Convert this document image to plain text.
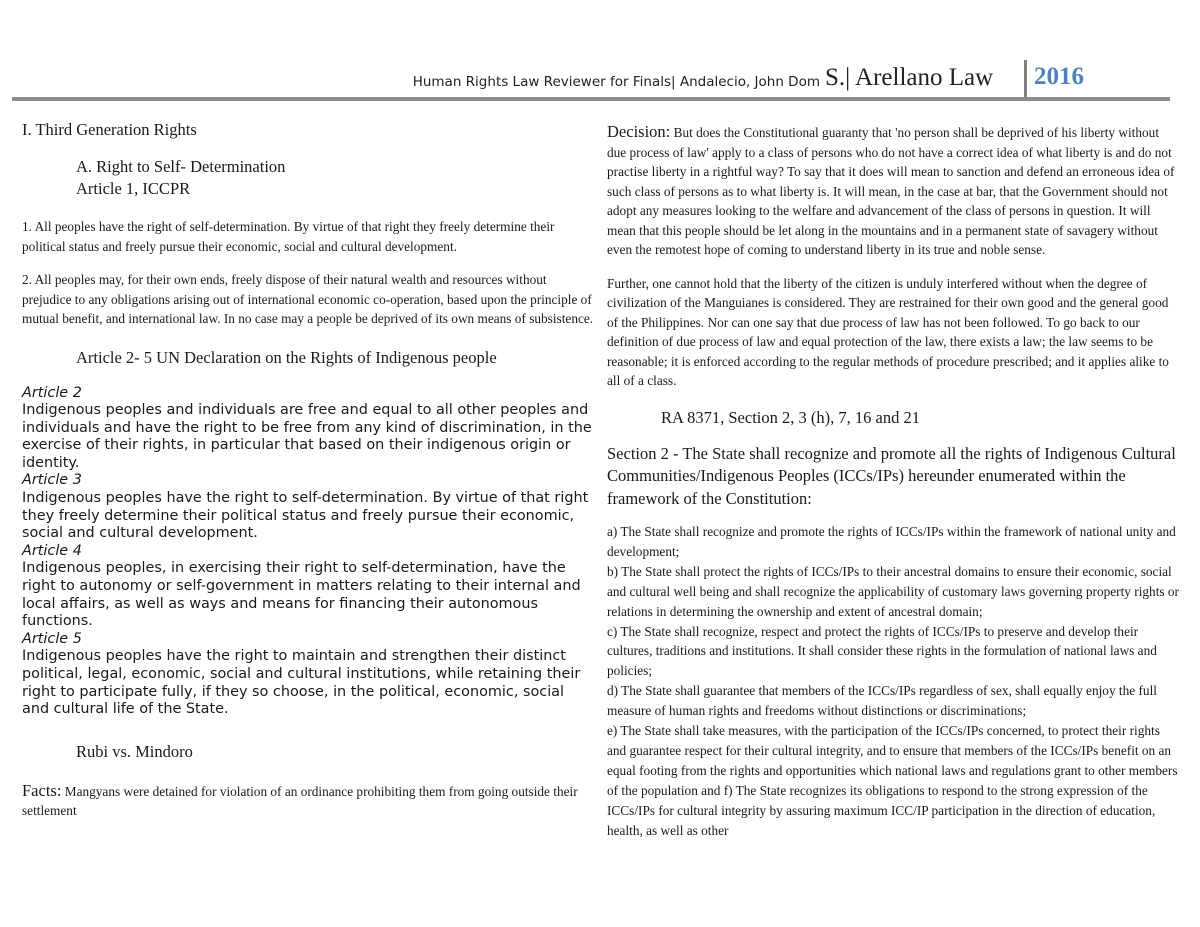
Human Rights Law Reviewer for Finals| Andalecio, John Dom S.| Arellano Law 2016

I. Third Generation Rights

A. Right to Self- Determination

Article 1, ICCPR

1. All peoples have the right of self-determination. By virtue of that right they freely determine their political status and freely pursue their economic, social and cultural development.

2. All peoples may, for their own ends, freely dispose of their natural wealth and resources without prejudice to any obligations arising out of international economic co-operation, based upon the principle of mutual benefit, and international law. In no case may a people be deprived of its own means of subsistence.

Article 2- 5 UN Declaration on the Rights of Indigenous people

Article 2

Indigenous peoples and individuals are free and equal to all other peoples and individuals and have the right to be free from any kind of discrimination, in the exercise of their rights, in particular that based on their indigenous origin or identity.

Article 3

Indigenous peoples have the right to self-determination. By virtue of that right they freely determine their political status and freely pursue their economic, social and cultural development.

Article 4

Indigenous peoples, in exercising their right to self-determination, have the right to autonomy or self-government in matters relating to their internal and local affairs, as well as ways and means for financing their autonomous functions.

Article 5

Indigenous peoples have the right to maintain and strengthen their distinct political, legal, economic, social and cultural institutions, while retaining their right to participate fully, if they so choose, in the political, economic, social and cultural life of the State.

Rubi vs. Mindoro

Facts: Mangyans were detained for violation of an ordinance prohibiting them from going outside their settlement

Decision: But does the Constitutional guaranty that 'no person shall be deprived of his liberty without due process of law' apply to a class of persons who do not have a correct idea of what liberty is and do not practise liberty in a rightful way? To say that it does will mean to sanction and defend an erroneous idea of such class of persons as to what liberty is. It will mean, in the case at bar, that the Government should not adopt any measures looking to the welfare and advancement of the class of persons in question. It will mean that this people should be let along in the mountains and in a permanent state of savagery without even the remotest hope of coming to understand liberty in its true and noble sense.

Further, one cannot hold that the liberty of the citizen is unduly interfered without when the degree of civilization of the Manguianes is considered. They are restrained for their own good and the general good of the Philippines. Nor can one say that due process of law has not been followed. To go back to our definition of due process of law and equal protection of the law, there exists a law; the law seems to be reasonable; it is enforced according to the regular methods of procedure prescribed; and it applies alike to all of a class.

RA 8371, Section 2, 3 (h), 7, 16 and 21

Section 2 - The State shall recognize and promote all the rights of Indigenous Cultural Communities/Indigenous Peoples (ICCs/IPs) hereunder enumerated within the framework of the Constitution:

a) The State shall recognize and promote the rights of ICCs/IPs within the framework of national unity and development;

b) The State shall protect the rights of ICCs/IPs to their ancestral domains to ensure their economic, social and cultural well being and shall recognize the applicability of customary laws governing property rights or relations in determining the ownership and extent of ancestral domain;

c) The State shall recognize, respect and protect the rights of ICCs/IPs to preserve and develop their cultures, traditions and institutions. It shall consider these rights in the formulation of national laws and policies;

d) The State shall guarantee that members of the ICCs/IPs regardless of sex, shall equally enjoy the full measure of human rights and freedoms without distinctions or discriminations;

e) The State shall take measures, with the participation of the ICCs/IPs concerned, to protect their rights and guarantee respect for their cultural integrity, and to ensure that members of the ICCs/IPs benefit on an equal footing from the rights and opportunities which national laws and regulations grant to other members of the population and f) The State recognizes its obligations to respond to the strong expression of the ICCs/IPs for cultural integrity by assuring maximum ICC/IP participation in the direction of education, health, as well as other
